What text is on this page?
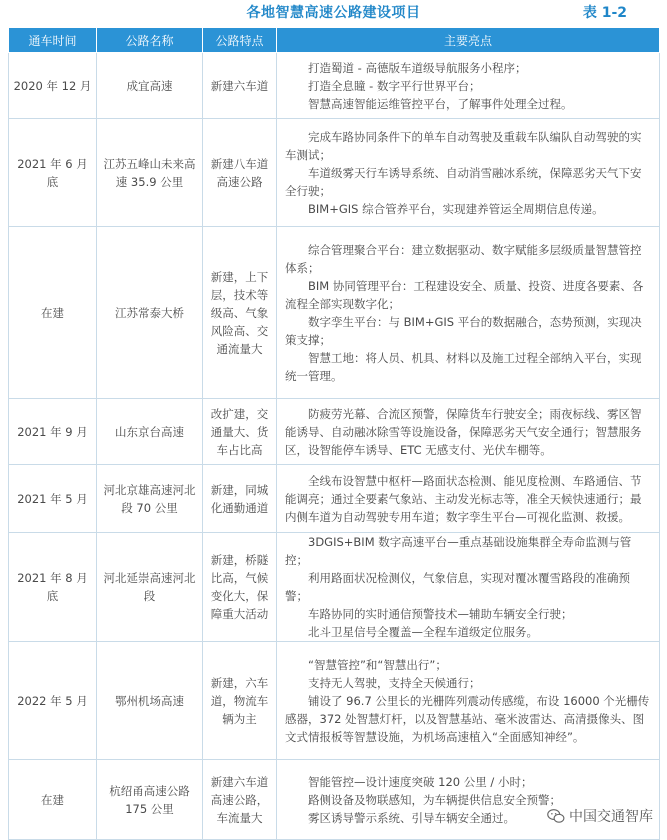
各地智慧高速公路建设项目	表 1-2
通车时间	公路名称	公路特点	主要亮点
2020 年 12 月	成宜高速	新建六车道	打造蜀道 - 高德版车道级导航服务小程序；

打造全息瞳 - 数字平行世界平台；

智慧高速智能运维管控平台，了解事件处理全过程。

2021 年 6 月底	江苏五峰山未来高速 35.9 公里	新建八车道高速公路	完成车路协同条件下的单车自动驾驶及重载车队编队自动驾驶的实车测试；

车道级雾天行车诱导系统、自动消雪融冰系统，保障恶劣天气下安全行驶；

BIM+GIS 综合管养平台，实现建养管运全周期信息传递。

在建	江苏常泰大桥	新建，上下层，技术等级高、气象风险高、交通流量大	综合管理聚合平台：建立数据驱动、数字赋能多层级质量智慧管控体系；

BIM 协同管理平台：工程建设安全、质量、投资、进度各要素、各流程全部实现数字化；

数字孪生平台：与 BIM+GIS 平台的数据融合，态势预测，实现决策支撑；

智慧工地：将人员、机具、材料以及施工过程全部纳入平台，实现统一管理。

2021 年 9 月	山东京台高速	改扩建，交通量大、货车占比高	防疲劳光幕、合流区预警，保障货车行驶安全；雨夜标线、雾区智能诱导、自动融冰除雪等设施设备，保障恶劣天气安全通行；智慧服务区，设智能停车诱导、ETC 无感支付、光伏车棚等。

2021 年 5 月	河北京雄高速河北段 70 公里	新建，同城化通勤通道	全线布设智慧中枢杆—路面状态检测、能见度检测、车路通信、节能调亮；通过全要素气象站、主动发光标志等，准全天候快速通行；最内侧车道为自动驾驶专用车道；数字孪生平台—可视化监测、救援。

2021 年 8 月底	河北延崇高速河北段	新建，桥隧比高，气候变化大，保障重大活动	3DGIS+BIM 数字高速平台—重点基础设施集群全寿命监测与管控；

利用路面状况检测仪，气象信息，实现对覆冰覆雪路段的准确预警；

车路协同的实时通信预警技术—辅助车辆安全行驶；

北斗卫星信号全覆盖—全程车道级定位服务。

2022 年 5 月	鄂州机场高速	新建，六车道，物流车辆为主	“智慧管控”和“智慧出行”；

支持无人驾驶，支持全天候通行；

铺设了 96.7 公里长的光栅阵列震动传感缆，布设 16000 个光栅传感器，372 处智慧灯杆，以及智慧基站、毫米波雷达、高清摄像头、图文式情报板等智慧设施，为机场高速植入“全面感知神经”。

在建	杭绍甬高速公路 175 公里	新建六车道高速公路，车流量大	智能管控—设计速度突破 120 公里 / 小时；

路侧设备及物联感知，为车辆提供信息安全预警；

雾区诱导警示系统、引导车辆安全通过。	中国交通智库
